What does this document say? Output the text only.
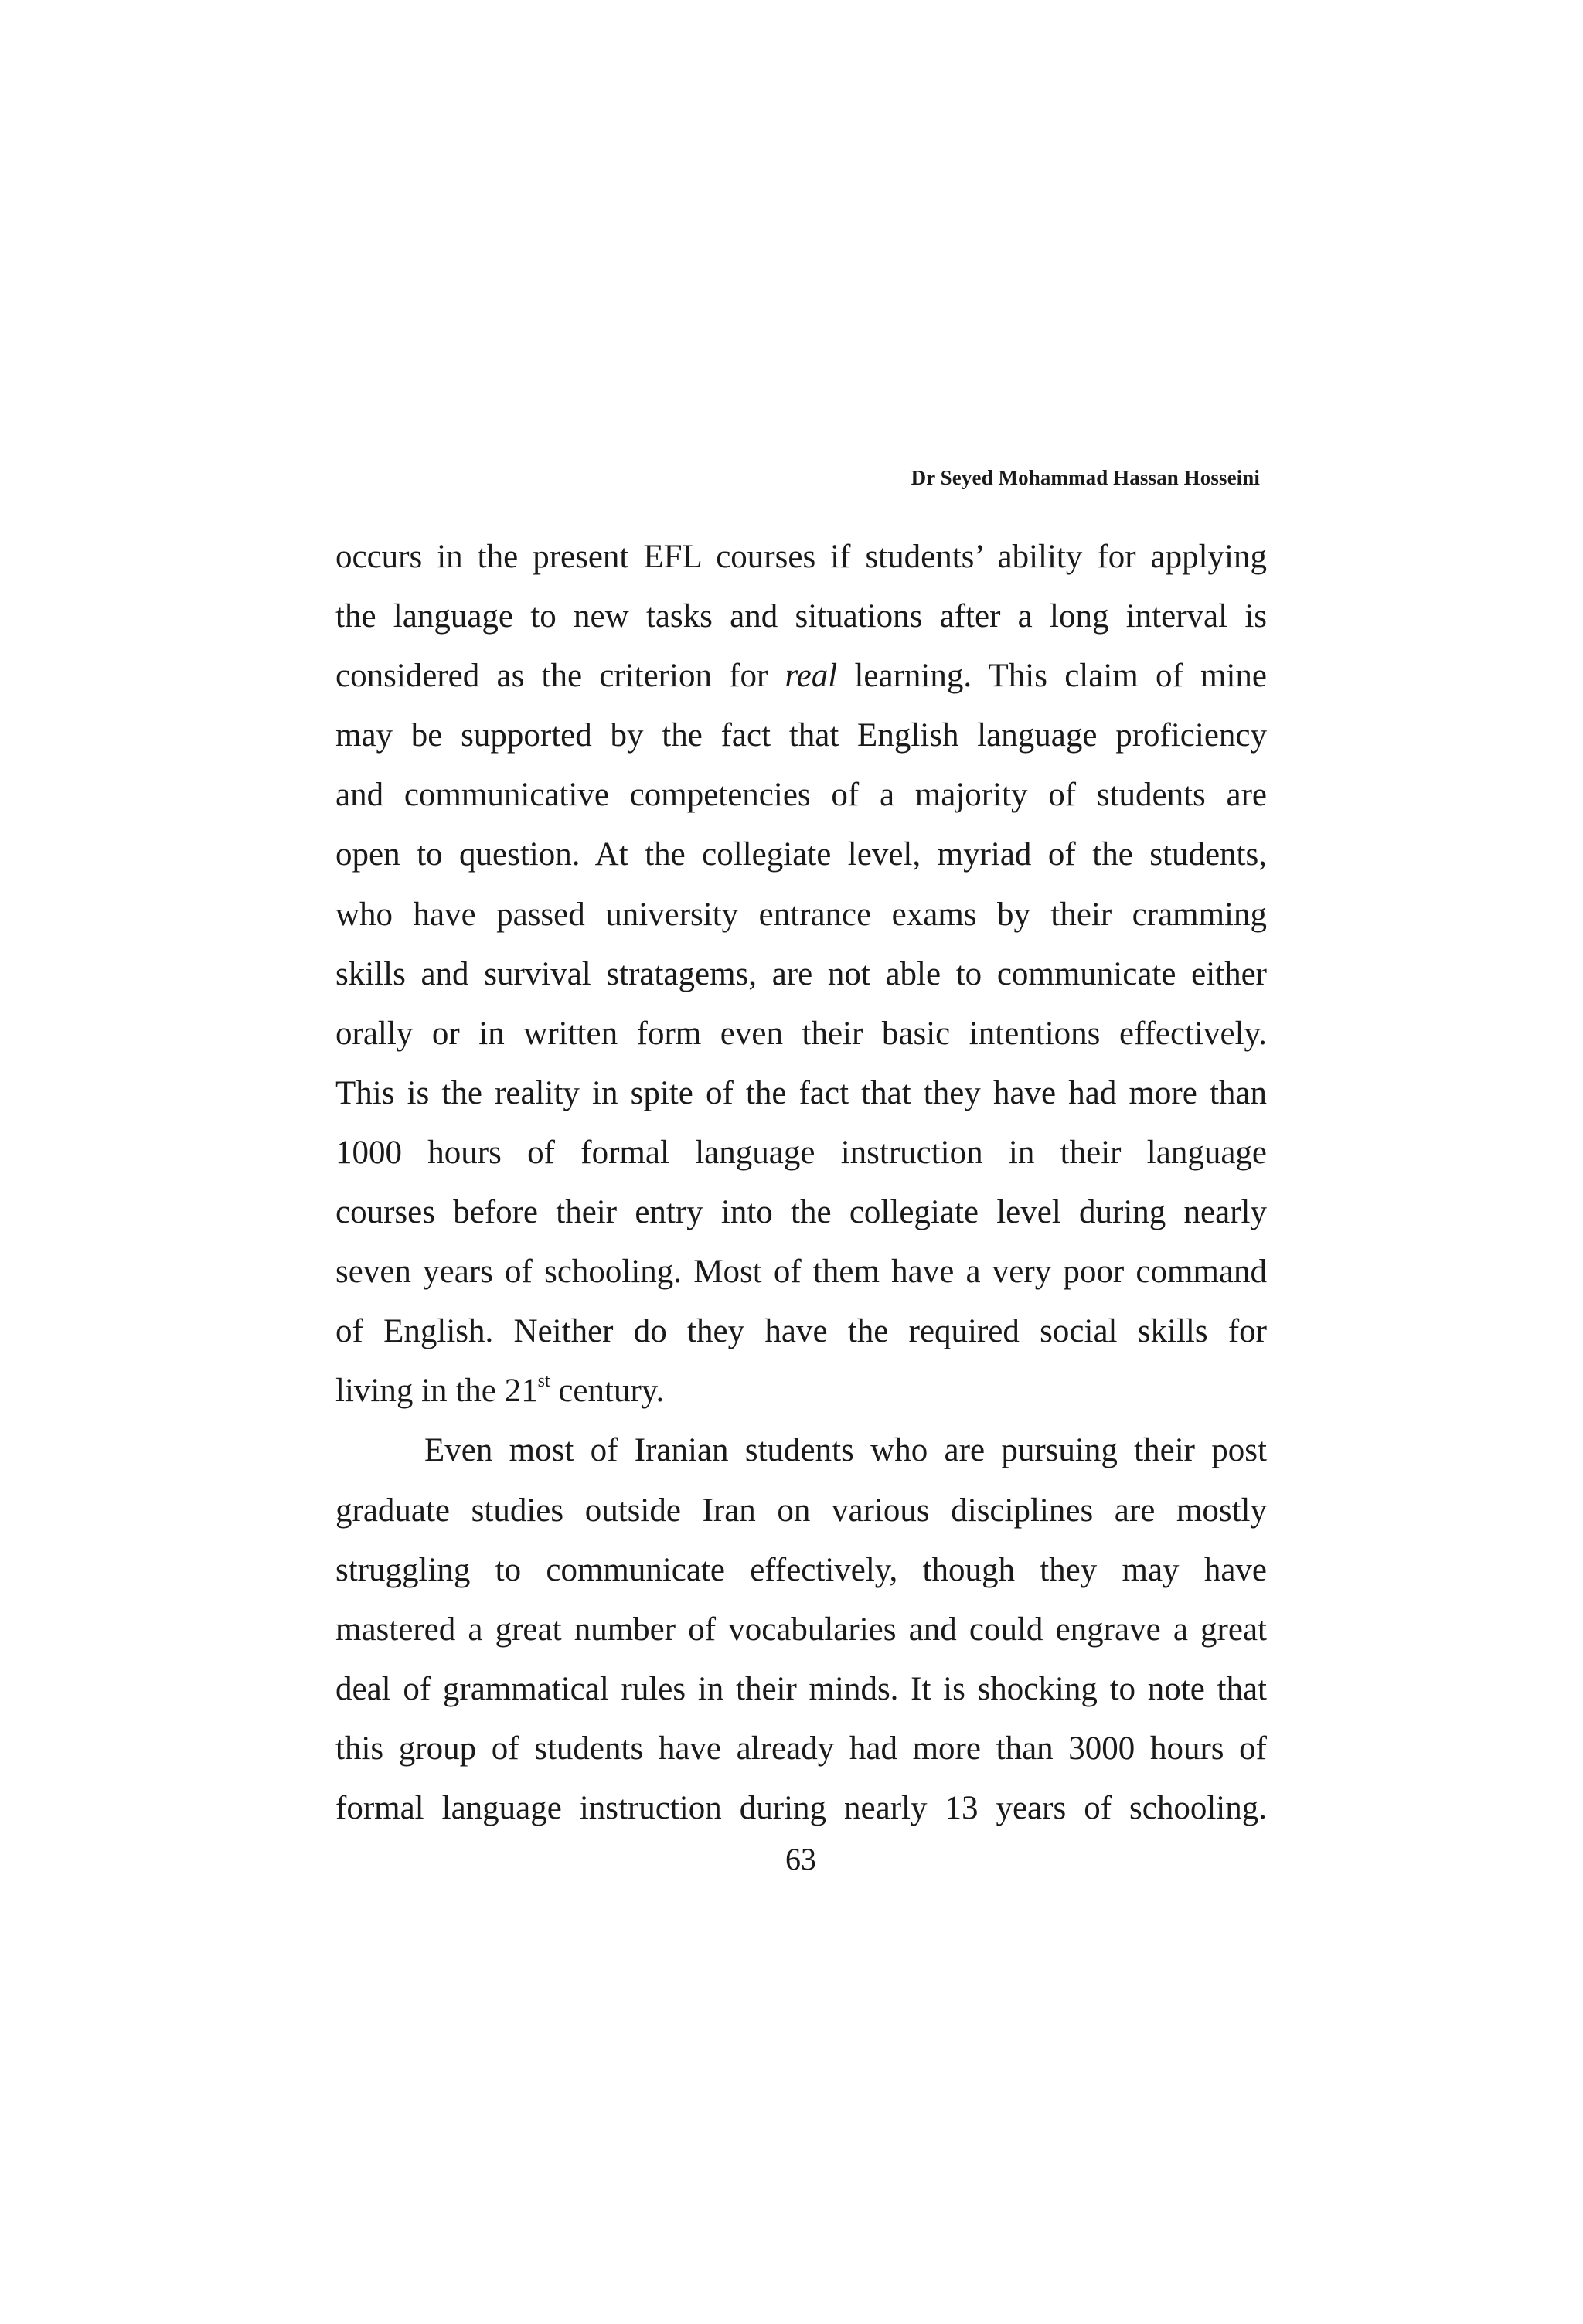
Dr Seyed Mohammad Hassan Hosseini
occurs in the present EFL courses if students’ ability for applying
the language to new tasks and situations after a long interval is
considered as the criterion for real learning. This claim of mine
may be supported by the fact that English language proficiency
and communicative competencies of a majority of students are
open to question. At the collegiate level, myriad of the students,
who have passed university entrance exams by their cramming
skills and survival stratagems, are not able to communicate either
orally or in written form even their basic intentions effectively.
This is the reality in spite of the fact that they have had more than
1000 hours of formal language instruction in their language
courses before their entry into the collegiate level during nearly
seven years of schooling. Most of them have a very poor command
of English. Neither do they have the required social skills for
living in the 21st century.
Even most of Iranian students who are pursuing their post
graduate studies outside Iran on various disciplines are mostly
struggling to communicate effectively, though they may have
mastered a great number of vocabularies and could engrave a great
deal of grammatical rules in their minds. It is shocking to note that
this group of students have already had more than 3000 hours of
formal language instruction during nearly 13 years of schooling.
63
